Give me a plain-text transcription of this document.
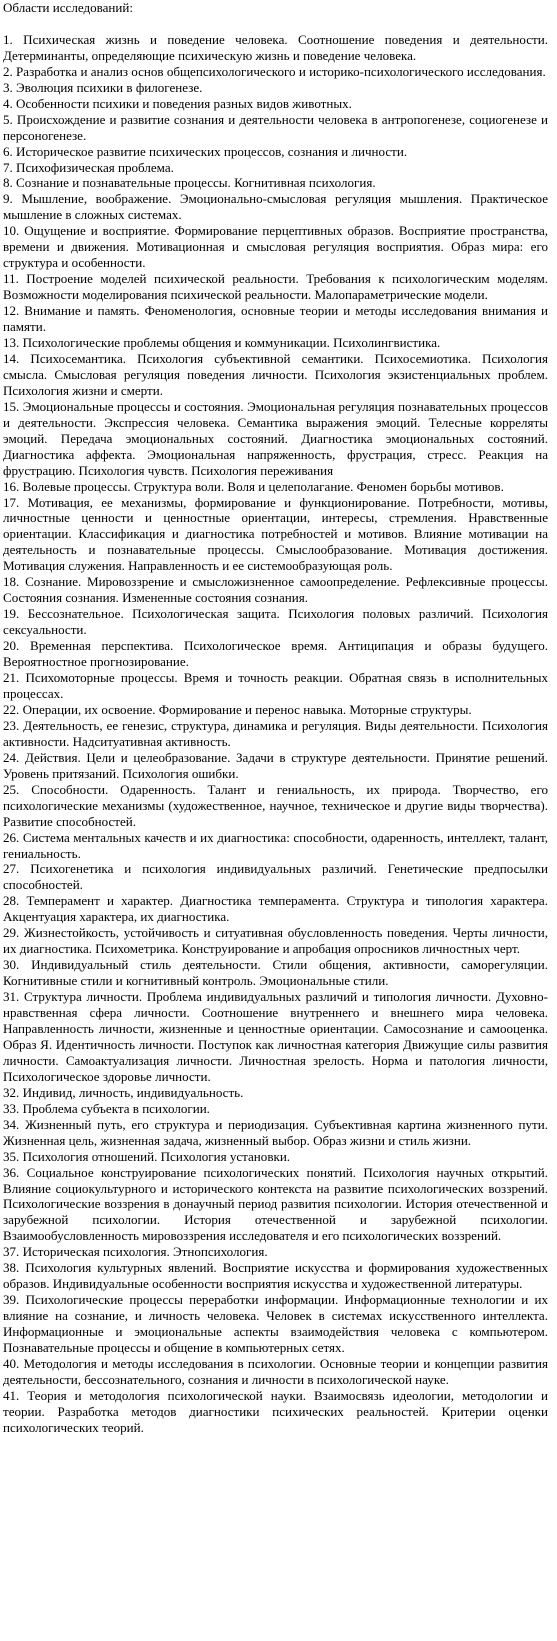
Области исследований:

1. Психическая жизнь и поведение человека. Соотношение поведения и деятельности. Детерминанты, определяющие психическую жизнь и поведение человека.

2. Разработка и анализ основ общепсихологического и историко-психологического исследования.

3. Эволюция психики в филогенезе.

4. Особенности психики и поведения разных видов животных.

5. Происхождение и развитие сознания и деятельности человека в антропогенезе, социогенезе и персоногенезе.

6. Историческое развитие психических процессов, сознания и личности.

7. Психофизическая проблема.

8. Сознание и познавательные процессы. Когнитивная психология.

9. Мышление, воображение. Эмоционально-смысловая регуляция мышления. Практическое мышление в сложных системах.

10. Ощущение и восприятие. Формирование перцептивных образов. Восприятие пространства, времени и движения. Мотивационная и смысловая регуляция восприятия. Образ мира: его структура и особенности.

11. Построение моделей психической реальности. Требования к психологическим моделям. Возможности моделирования психической реальности. Малопараметрические модели.

12. Внимание и память. Феноменология, основные теории и методы исследования внимания и памяти.

13. Психологические проблемы общения и коммуникации. Психолингвистика.

14. Психосемантика. Психология субъективной семантики. Психосемиотика. Психология смысла. Смысловая регуляция поведения личности. Психология экзистенциальных проблем. Психология жизни и смерти.

15. Эмоциональные процессы и состояния. Эмоциональная регуляция познавательных процессов и деятельности. Экспрессия человека. Семантика выражения эмоций. Телесные корреляты эмоций. Передача эмоциональных состояний. Диагностика эмоциональных состояний. Диагностика аффекта. Эмоциональная напряженность, фрустрация, стресс. Реакция на фрустрацию. Психология чувств. Психология переживания

16. Волевые процессы. Структура воли. Воля и целеполагание. Феномен борьбы мотивов.

17. Мотивация, ее механизмы, формирование и функционирование. Потребности, мотивы, личностные ценности и ценностные ориентации, интересы, стремления. Нравственные ориентации. Классификация и диагностика потребностей и мотивов. Влияние мотивации на деятельность и познавательные процессы. Смыслообразование. Мотивация достижения. Мотивация служения. Направленность и ее системообразующая роль.

18. Сознание. Мировоззрение и смысложизненное самоопределение. Рефлексивные процессы. Состояния сознания. Измененные состояния сознания.

19. Бессознательное. Психологическая защита. Психология половых различий. Психология сексуальности.

20. Временная перспектива. Психологическое время. Антиципация и образы будущего. Вероятностное прогнозирование.

21. Психомоторные процессы. Время и точность реакции. Обратная связь в исполнительных процессах.

22. Операции, их освоение. Формирование и перенос навыка. Моторные структуры.

23. Деятельность, ее генезис, структура, динамика и регуляция. Виды деятельности. Психология активности. Надситуативная активность.

24. Действия. Цели и целеобразование. Задачи в структуре деятельности. Принятие решений. Уровень притязаний. Психология ошибки.

25. Способности. Одаренность. Талант и гениальность, их природа. Творчество, его психологические механизмы (художественное, научное, техническое и другие виды творчества). Развитие способностей.

26. Система ментальных качеств и их диагностика: способности, одаренность, интеллект, талант, гениальность.

27. Психогенетика и психология индивидуальных различий. Генетические предпосылки способностей.

28. Темперамент и характер. Диагностика темперамента. Структура и типология характера. Акцентуация характера, их диагностика.

29. Жизнестойкость, устойчивость и ситуативная обусловленность поведения. Черты личности, их диагностика. Психометрика. Конструирование и апробация опросников личностных черт.

30. Индивидуальный стиль деятельности. Стили общения, активности, саморегуляции. Когнитивные стили и когнитивный контроль. Эмоциональные стили.

31. Структура личности. Проблема индивидуальных различий и типология личности. Духовно-нравственная сфера личности. Соотношение внутреннего и внешнего мира человека. Направленность личности, жизненные и ценностные ориентации. Самосознание и самооценка. Образ Я. Идентичность личности. Поступок как личностная категория Движущие силы развития личности. Самоактуализация личности. Личностная зрелость. Норма и патология личности, Психологическое здоровье личности.

32. Индивид, личность, индивидуальность.

33. Проблема субъекта в психологии.

34. Жизненный путь, его структура и периодизация. Субъективная картина жизненного пути. Жизненная цель, жизненная задача, жизненный выбор. Образ жизни и стиль жизни.

35. Психология отношений. Психология установки.

36. Социальное конструирование психологических понятий. Психология научных открытий. Влияние социокультурного и исторического контекста на развитие психологических воззрений. Психологические воззрения в донаучный период развития психологии. История отечественной и зарубежной психологии. История отечественной и зарубежной психологии. Взаимообусловленность мировоззрения исследователя и его психологических воззрений.

37. Историческая психология. Этнопсихология.

38. Психология культурных явлений. Восприятие искусства и формирования художественных образов. Индивидуальные особенности восприятия искусства и художественной литературы.

39. Психологические процессы переработки информации. Информационные технологии и их влияние на сознание, и личность человека. Человек в системах искусственного интеллекта. Информационные и эмоциональные аспекты взаимодействия человека с компьютером. Познавательные процессы и общение в компьютерных сетях.

40. Методология и методы исследования в психологии. Основные теории и концепции развития деятельности, бессознательного, сознания и личности в психологической науке.

41. Теория и методология психологической науки. Взаимосвязь идеологии, методологии и теории. Разработка методов диагностики психических реальностей. Критерии оценки психологических теорий.
